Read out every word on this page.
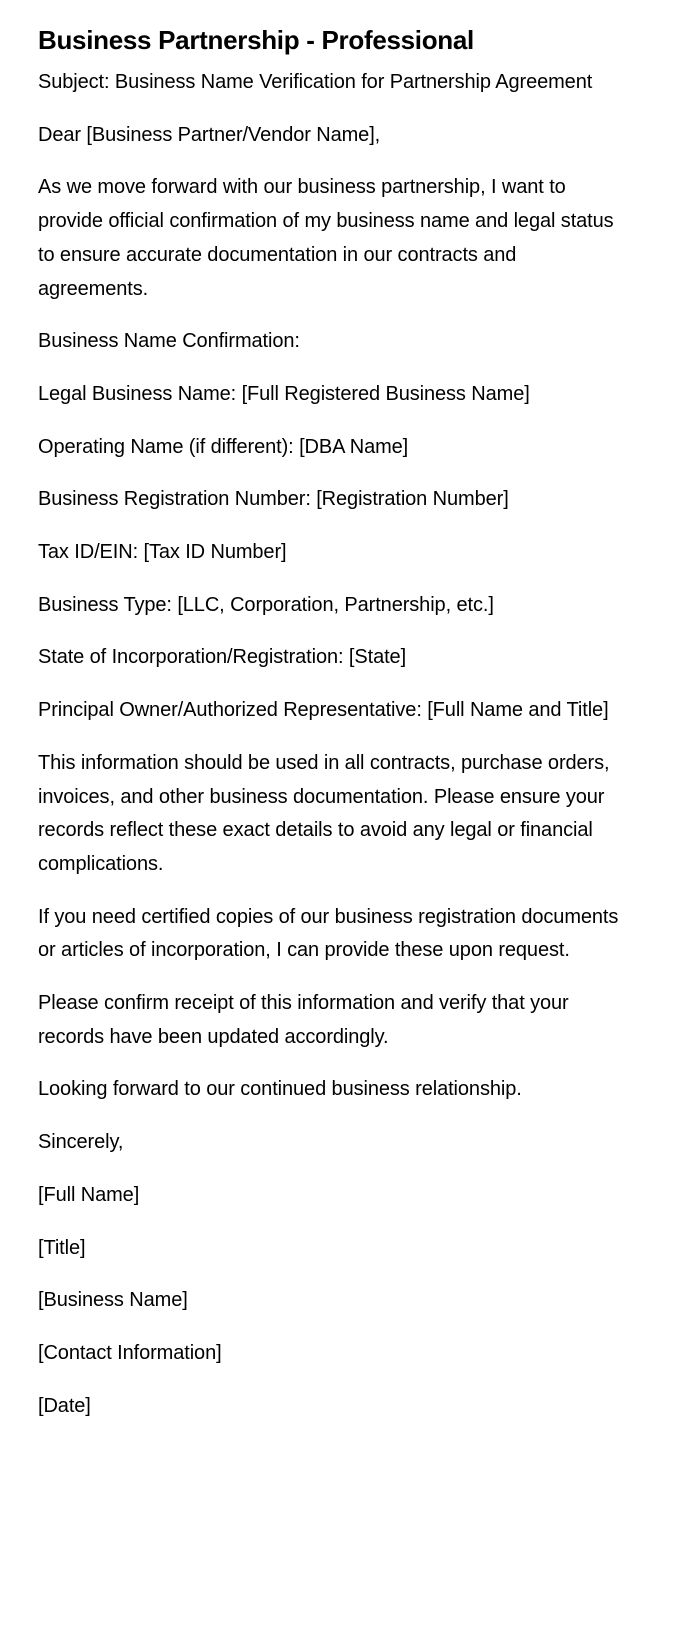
Business Partnership - Professional

Subject: Business Name Verification for Partnership Agreement

Dear [Business Partner/Vendor Name],

As we move forward with our business partnership, I want to provide official confirmation of my business name and legal status to ensure accurate documentation in our contracts and agreements.

Business Name Confirmation:

Legal Business Name: [Full Registered Business Name]

Operating Name (if different): [DBA Name]

Business Registration Number: [Registration Number]

Tax ID/EIN: [Tax ID Number]

Business Type: [LLC, Corporation, Partnership, etc.]

State of Incorporation/Registration: [State]

Principal Owner/Authorized Representative: [Full Name and Title]

This information should be used in all contracts, purchase orders, invoices, and other business documentation. Please ensure your records reflect these exact details to avoid any legal or financial complications.

If you need certified copies of our business registration documents or articles of incorporation, I can provide these upon request.

Please confirm receipt of this information and verify that your records have been updated accordingly.

Looking forward to our continued business relationship.

Sincerely,

[Full Name]

[Title]

[Business Name]

[Contact Information]

[Date]
